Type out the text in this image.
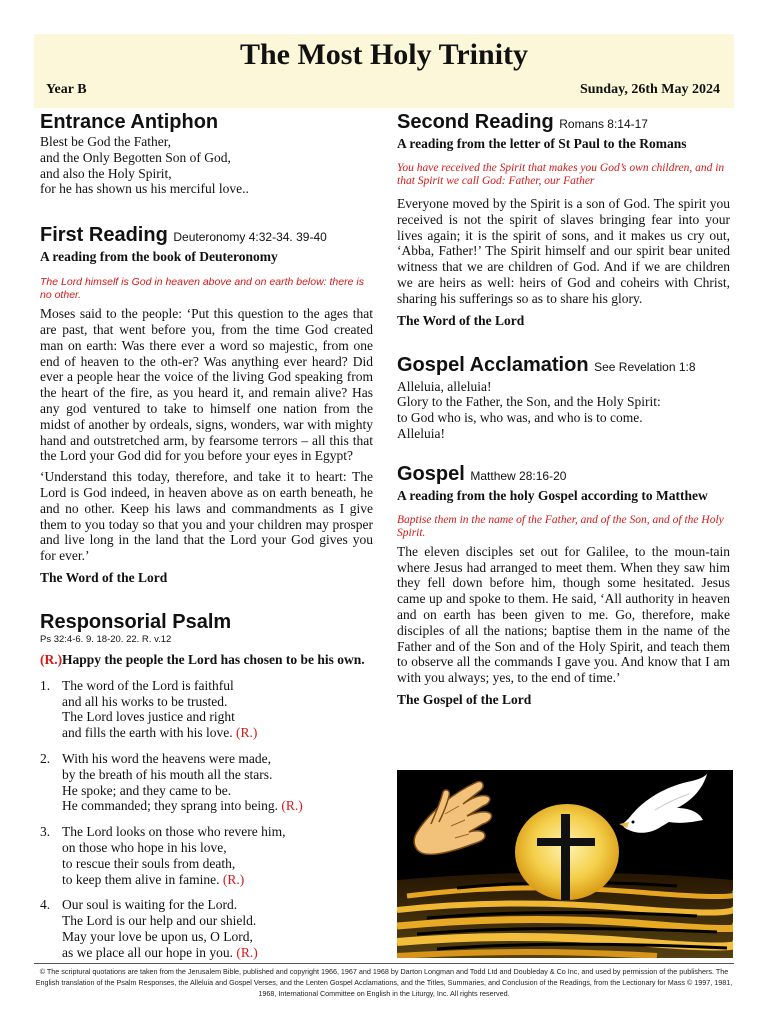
The Most Holy Trinity
Year B	Sunday, 26th May 2024
Entrance Antiphon
Blest be God the Father,
and the Only Begotten Son of God,
and also the Holy Spirit,
for he has shown us his merciful love..
First Reading Deuteronomy 4:32-34. 39-40
A reading from the book of Deuteronomy
The Lord himself is God in heaven above and on earth below: there is no other.

Moses said to the people: ‘Put this question to the ages that are past, that went before you, from the time God created man on earth: Was there ever a word so majestic, from one end of heaven to the oth-er? Was anything ever heard? Did ever a people hear the voice of the living God speaking from the heart of the fire, as you heard it, and remain alive? Has any god ventured to take to himself one nation from the midst of another by ordeals, signs, wonders, war with mighty hand and outstretched arm, by fearsome terrors – all this that the Lord your God did for you before your eyes in Egypt?

‘Understand this today, therefore, and take it to heart: The Lord is God indeed, in heaven above as on earth beneath, he and no other. Keep his laws and commandments as I give them to you today so that you and your children may prosper and live long in the land that the Lord your God gives you for ever.’

The Word of the Lord
Responsorial Psalm
Ps 32:4-6. 9. 18-20. 22. R. v.12
(R.) Happy the people the Lord has chosen to be his own.
1. The word of the Lord is faithful
and all his works to be trusted.
The Lord loves justice and right
and fills the earth with his love. (R.)
2. With his word the heavens were made,
by the breath of his mouth all the stars.
He spoke; and they came to be.
He commanded; they sprang into being. (R.)
3. The Lord looks on those who revere him,
on those who hope in his love,
to rescue their souls from death,
to keep them alive in famine. (R.)
4. Our soul is waiting for the Lord.
The Lord is our help and our shield.
May your love be upon us, O Lord,
as we place all our hope in you. (R.)
Second Reading Romans 8:14-17
A reading from the letter of St Paul to the Romans
You have received the Spirit that makes you God’s own children, and in that Spirit we call God: Father, our Father

Everyone moved by the Spirit is a son of God. The spirit you received is not the spirit of slaves bringing fear into your lives again; it is the spirit of sons, and it makes us cry out, ‘Abba, Father!’ The Spirit himself and our spirit bear united witness that we are children of God. And if we are children we are heirs as well: heirs of God and coheirs with Christ, sharing his sufferings so as to share his glory.

The Word of the Lord
Gospel Acclamation See Revelation 1:8
Alleluia, alleluia!
Glory to the Father, the Son, and the Holy Spirit:
to God who is, who was, and who is to come.
Alleluia!
Gospel Matthew 28:16-20
A reading from the holy Gospel according to Matthew
Baptise them in the name of the Father, and of the Son, and of the Holy Spirit.

The eleven disciples set out for Galilee, to the moun-tain where Jesus had arranged to meet them. When they saw him they fell down before him, though some hesitated. Jesus came up and spoke to them. He said, ‘All authority in heaven and on earth has been given to me. Go, therefore, make disciples of all the nations; baptise them in the name of the Father and of the Son and of the Holy Spirit, and teach them to observe all the commands I gave you. And know that I am with you always; yes, to the end of time.’

The Gospel of the Lord
© The scriptural quotations are taken from the Jerusalem Bible, published and copyright 1966, 1967 and 1968 by Darton Longman and Todd Ltd and Doubleday & Co Inc, and used by permission of the publishers. The English translation of the Psalm Responses, the Alleluia and Gospel Verses, and the Lenten Gospel Acclamations, and the Titles, Summaries, and Conclusion of the Readings, from the Lectionary for Mass © 1997, 1981, 1968, International Committee on English in the Liturgy, Inc. All rights reserved.
